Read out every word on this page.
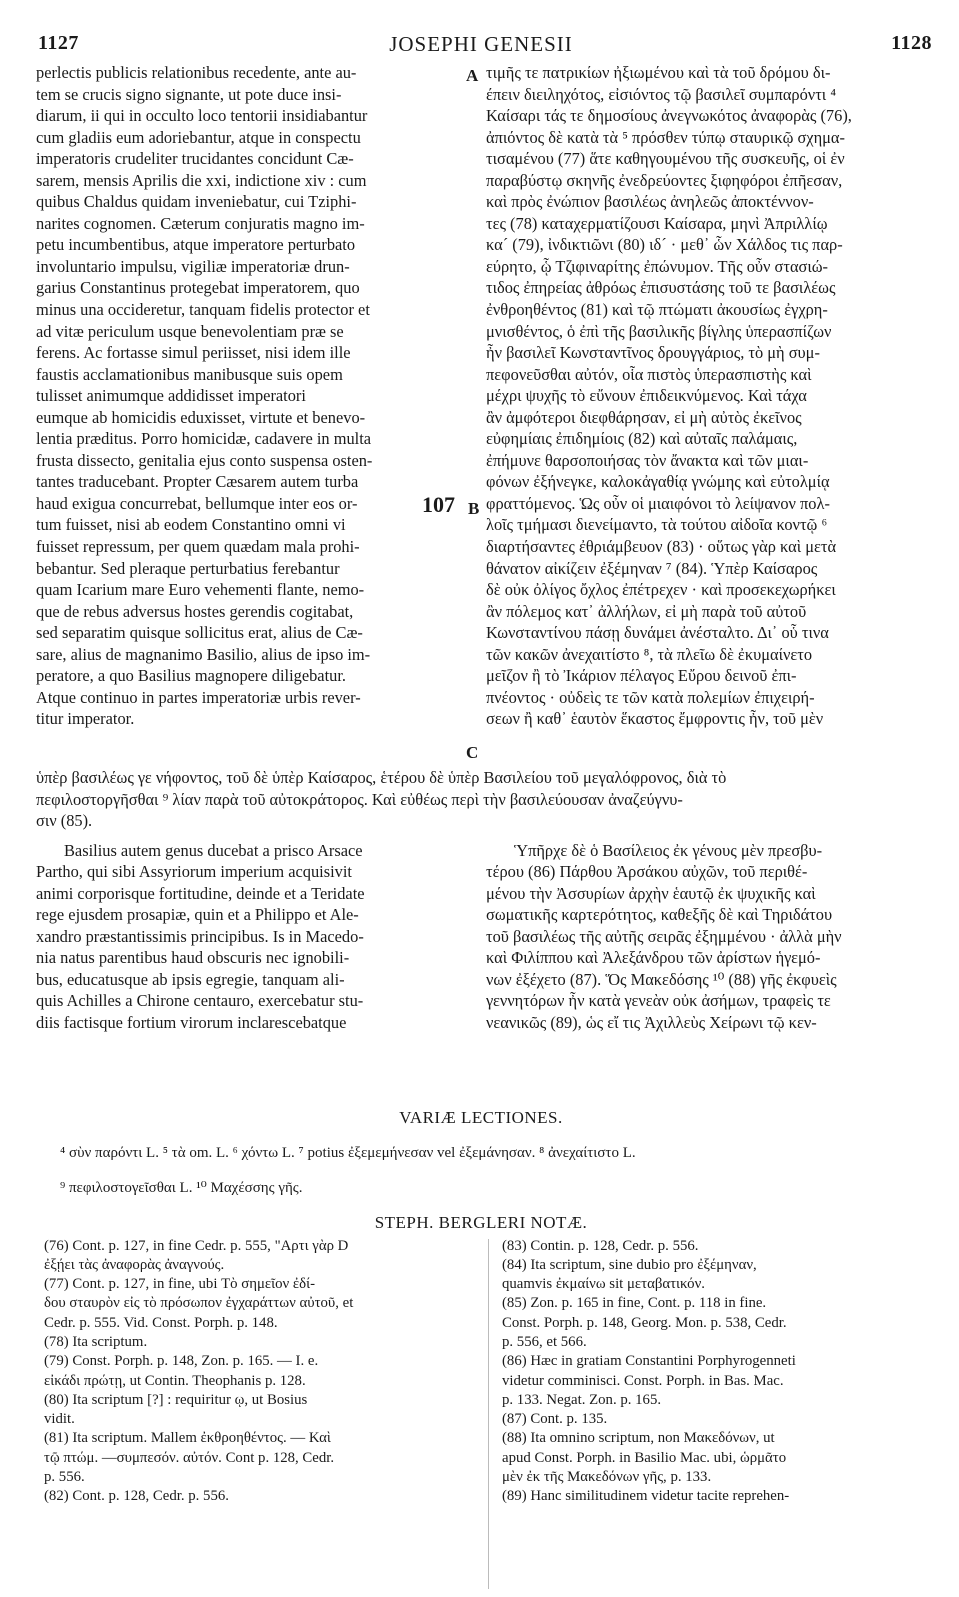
1127	JOSEPHI GENESII	1128

perlectis publicis relationibus recedente, ante au-

tem se crucis signo signante, ut pote duce insi-

diarum, ii qui in occulto loco tentorii insidiabantur

cum gladiis eum adoriebantur, atque in conspectu

imperatoris crudeliter trucidantes concidunt Cæ-

sarem, mensis Aprilis die xxi, indictione xiv : cum

quibus Chaldus quidam inveniebatur, cui Tziphi-

narites cognomen. Cæterum conjuratis magno im-

petu incumbentibus, atque imperatore perturbato

involuntario impulsu, vigiliæ imperatoriæ drun-

garius Constantinus protegebat imperatorem, quo

minus una occideretur, tanquam fidelis protector et

ad vitæ periculum usque benevolentiam præ se

ferens. Ac fortasse simul periisset, nisi idem ille

faustis acclamationibus manibusque suis opem

tulisset animumque addidisset imperatori

eumque ab homicidis eduxisset, virtute et benevo-

lentia præditus. Porro homicidæ, cadavere in multa

frusta dissecto, genitalia ejus conto suspensa osten-

tantes traducebant. Propter Cæsarem autem turba

haud exigua concurrebat, bellumque inter eos or-

tum fuisset, nisi ab eodem Constantino omni vi

fuisset repressum, per quem quædam mala prohi-

bebantur. Sed pleraque perturbatius ferebantur

quam Icarium mare Euro vehementi flante, nemo-

que de rebus adversus hostes gerendis cogitabat,

sed separatim quisque sollicitus erat, alius de Cæ-

sare, alius de magnanimo Basilio, alius de ipso im-

peratore, a quo Basilius magnopere diligebatur.

Atque continuo in partes imperatoriæ urbis rever-

titur imperator.

A
B
C
107

τιμῆς τε πατρικίων ἠξιωμένου καὶ τὰ τοῦ δρόμου δι-

έπειν διειληχότος, εἰσιόντος τῷ βασιλεῖ συμπαρόντι ⁴

Καίσαρι τάς τε δημοσίους ἀνεγνωκότος ἀναφορὰς (76),

ἀπιόντος δὲ κατὰ τὰ ⁵ πρόσθεν τύπῳ σταυρικῷ σχημα-

τισαμένου (77) ἅτε καθηγουμένου τῆς συσκευῆς, οἱ ἐν

παραβύστῳ σκηνῆς ἐνεδρεύοντες ξιφηφόροι ἐπῆεσαν,

καὶ πρὸς ἐνώπιον βασιλέως ἀνηλεῶς ἀποκτέννον-

τες (78) καταχερματίζουσι Καίσαρα, μηνὶ Ἀπριλλίῳ

κα´ (79), ἰνδικτιῶνι (80) ιδ´ · μεθ᾽ ὧν Χάλδος τις παρ-

εύρητο, ᾧ Τζιφιναρίτης ἐπώνυμον. Τῆς οὖν στασιώ-

τιδος ἐπηρείας ἀθρόως ἐπισυστάσης τοῦ τε βασιλέως

ἐνθροηθέντος (81) καὶ τῷ πτώματι ἀκουσίως ἐγχρη-

μνισθέντος, ὁ ἐπὶ τῆς βασιλικῆς βίγλης ὑπερασπίζων

ἦν βασιλεῖ Κωνσταντῖνος δρουγγάριος, τὸ μὴ συμ-

πεφονεῦσθαι αὐτόν, οἷα πιστὸς ὑπερασπιστὴς καὶ

μέχρι ψυχῆς τὸ εὔνουν ἐπιδεικνύμενος. Καὶ τάχα

ἂν ἀμφότεροι διεφθάρησαν, εἰ μὴ αὐτὸς ἐκεῖνος

εὐφημίαις ἐπιδημίοις (82) καὶ αὐταῖς παλάμαις,

ἐπήμυνε θαρσοποιήσας τὸν ἄνακτα καὶ τῶν μιαι-

φόνων ἐξήνεγκε, καλοκἀγαθίᾳ γνώμης καὶ εὐτολμίᾳ

φραττόμενος. Ὡς οὖν οἱ μιαιφόνοι τὸ λείψανον πολ-

λοῖς τμήμασι διενείμαντο, τὰ τούτου αἰδοῖα κοντῷ ⁶

διαρτήσαντες ἐθριάμβευον (83) · οὕτως γὰρ καὶ μετὰ

θάνατον αἰκίζειν ἐξέμηναν ⁷ (84). Ὑπὲρ Καίσαρος

δὲ οὐκ ὀλίγος ὄχλος ἐπέτρεχεν · καὶ προσεκεχωρήκει

ἂν πόλεμος κατ᾽ ἀλλήλων, εἰ μὴ παρὰ τοῦ αὐτοῦ

Κωνσταντίνου πάσῃ δυνάμει ἀνέσταλτο. Δι᾽ οὗ τινα

τῶν κακῶν ἀνεχαιτίστο ⁸, τὰ πλεῖω δὲ ἐκυμαίνετο

μεῖζον ἢ τὸ Ἰκάριον πέλαγος Εὔρου δεινοῦ ἐπι-

πνέοντος · οὐδεὶς τε τῶν κατὰ πολεμίων ἐπιχειρή-

σεων ἢ καθ᾽ ἑαυτὸν ἕκαστος ἔμφροντις ἦν, τοῦ μὲν

ὑπὲρ βασιλέως γε νήφοντος, τοῦ δὲ ὑπὲρ Καίσαρος, ἑτέρου δὲ ὑπὲρ Βασιλείου τοῦ μεγαλόφρονος, διὰ τὸ

πεφιλοστοργῆσθαι ⁹ λίαν παρὰ τοῦ αὐτοκράτορος. Καὶ εὐθέως περὶ τὴν βασιλεύουσαν ἀναζεύγνυ-

σιν (85).

Basilius autem genus ducebat a prisco Arsace

Partho, qui sibi Assyriorum imperium acquisivit

animi corporisque fortitudine, deinde et a Teridate

rege ejusdem prosapiæ, quin et a Philippo et Ale-

xandro præstantissimis principibus. Is in Macedo-

nia natus parentibus haud obscuris nec ignobili-

bus, educatusque ab ipsis egregie, tanquam ali-

quis Achilles a Chirone centauro, exercebatur stu-

diis factisque fortium virorum inclarescebatque

Ὑπῆρχε δὲ ὁ Βασίλειος ἐκ γένους μὲν πρεσβυ-

τέρου (86) Πάρθου Ἀρσάκου αὐχῶν, τοῦ περιθέ-

μένου τὴν Ἀσσυρίων ἀρχὴν ἑαυτῷ ἐκ ψυχικῆς καὶ

σωματικῆς καρτερότητος, καθεξῆς δὲ καὶ Τηριδάτου

τοῦ βασιλέως τῆς αὐτῆς σειρᾶς ἐξημμένου · ἀλλὰ μὴν

καὶ Φιλίππου καὶ Ἀλεξάνδρου τῶν ἀρίστων ἡγεμό-

νων ἐξέχετο (87). Ὅς Μακεδόσης ¹⁰ (88) γῆς ἐκφυεὶς

γεννητόρων ἦν κατὰ γενεὰν οὐκ ἀσήμων, τραφεὶς τε

νεανικῶς (89), ὡς εἴ τις Ἀχιλλεὺς Χείρωνι τῷ κεν-

VARIÆ LECTIONES.

⁴ σὺν παρόντι L. ⁵ τὰ om. L. ⁶ χόντω L. ⁷ potius ἐξεμεμήνεσαν vel ἐξεμάνησαν. ⁸ ἀνεχαίτιστο L.

⁹ πεφιλοστογεῖσθαι L. ¹⁰ Μαχέσσης γῆς.

STEPH. BERGLERI NOTÆ.

(76) Cont. p. 127, in fine Cedr. p. 555, "Αρτι γὰρ D

ἐξῄει τὰς ἀναφορὰς ἀναγνούς.

(77) Cont. p. 127, in fine, ubi Τὸ σημεῖον ἐδί-

δου σταυρὸν εἰς τὸ πρόσωπον ἐγχαράττων αὐτοῦ, et

Cedr. p. 555. Vid. Const. Porph. p. 148.

(78) Ita scriptum.

(79) Const. Porph. p. 148, Zon. p. 165. — I. e.

εἰκάδι πρώτῃ, ut Contin. Theophanis p. 128.

(80) Ita scriptum [?] : requiritur ῳ, ut Bosius

vidit.

(81) Ita scriptum. Mallem ἐκθροηθέντος. — Καὶ

τῷ πτώμ. —συμπεσόν. αὐτόν. Cont p. 128, Cedr.

p. 556.

(82) Cont. p. 128, Cedr. p. 556.

(83) Contin. p. 128, Cedr. p. 556.

(84) Ita scriptum, sine dubio pro ἐξέμηναν,

quamvis ἐκμαίνω sit μεταβατικόν.

(85) Zon. p. 165 in fine, Cont. p. 118 in fine.

Const. Porph. p. 148, Georg. Mon. p. 538, Cedr.

p. 556, et 566.

(86) Hæc in gratiam Constantini Porphyrogenneti

videtur comminisci. Const. Porph. in Bas. Mac.

p. 133. Negat. Zon. p. 165.

(87) Cont. p. 135.

(88) Ita omnino scriptum, non Μακεδόνων, ut

apud Const. Porph. in Basilio Mac. ubi, ὡρμᾶτο

μὲν ἐκ τῆς Μακεδόνων γῆς, p. 133.

(89) Hanc similitudinem videtur tacite reprehen-
